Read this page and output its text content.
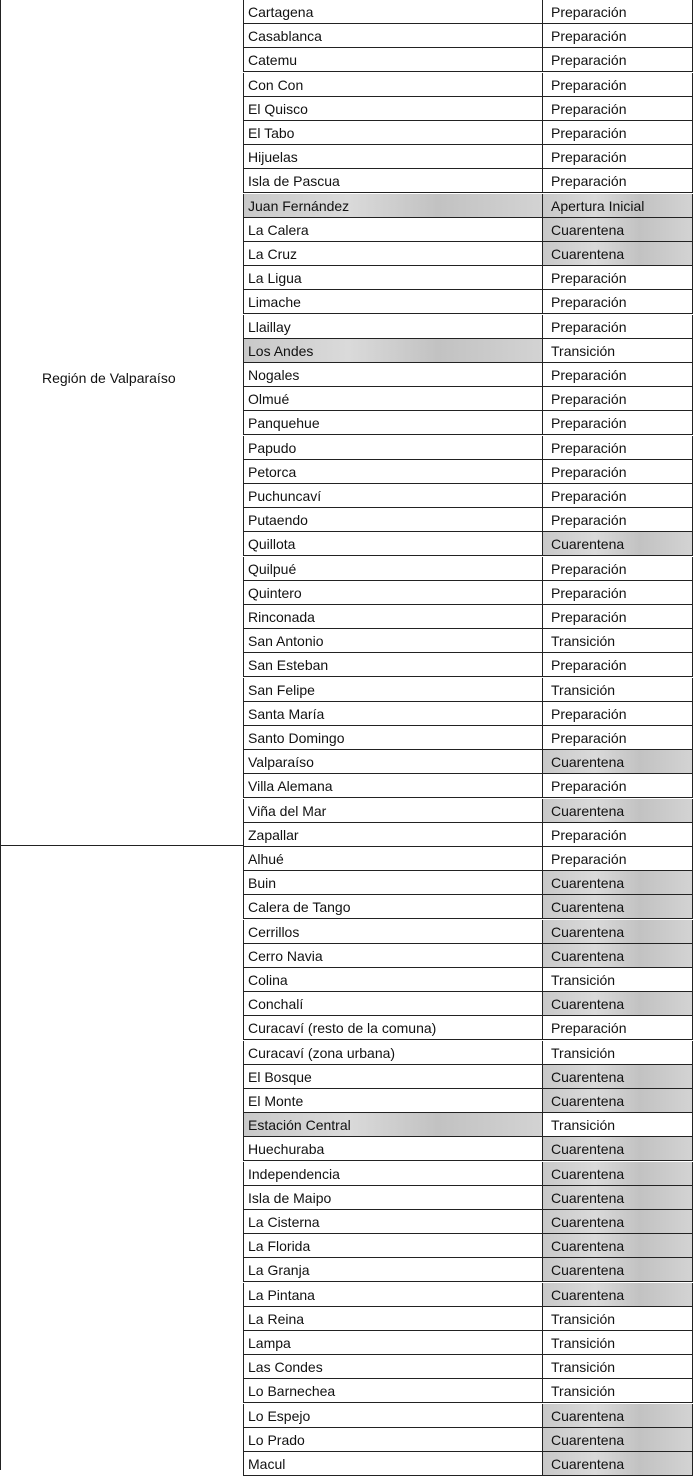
Región de Valparaíso
Cartagena	Preparación
Casablanca	Preparación
Catemu	Preparación
Con Con	Preparación
El Quisco	Preparación
El Tabo	Preparación
Hijuelas	Preparación
Isla de Pascua	Preparación
Juan Fernández	Apertura Inicial
La Calera	Cuarentena
La Cruz	Cuarentena
La Ligua	Preparación
Limache	Preparación
Llaillay	Preparación
Los Andes	Transición
Nogales	Preparación
Olmué	Preparación
Panquehue	Preparación
Papudo	Preparación
Petorca	Preparación
Puchuncaví	Preparación
Putaendo	Preparación
Quillota	Cuarentena
Quilpué	Preparación
Quintero	Preparación
Rinconada	Preparación
San Antonio	Transición
San Esteban	Preparación
San Felipe	Transición
Santa María	Preparación
Santo Domingo	Preparación
Valparaíso	Cuarentena
Villa Alemana	Preparación
Viña del Mar	Cuarentena
Zapallar	Preparación
Alhué	Preparación
Buin	Cuarentena
Calera de Tango	Cuarentena
Cerrillos	Cuarentena
Cerro Navia	Cuarentena
Colina	Transición
Conchalí	Cuarentena
Curacaví (resto de la comuna)	Preparación
Curacaví (zona urbana)	Transición
El Bosque	Cuarentena
El Monte	Cuarentena
Estación Central	Transición
Huechuraba	Cuarentena
Independencia	Cuarentena
Isla de Maipo	Cuarentena
La Cisterna	Cuarentena
La Florida	Cuarentena
La Granja	Cuarentena
La Pintana	Cuarentena
La Reina	Transición
Lampa	Transición
Las Condes	Transición
Lo Barnechea	Transición
Lo Espejo	Cuarentena
Lo Prado	Cuarentena
Macul	Cuarentena
